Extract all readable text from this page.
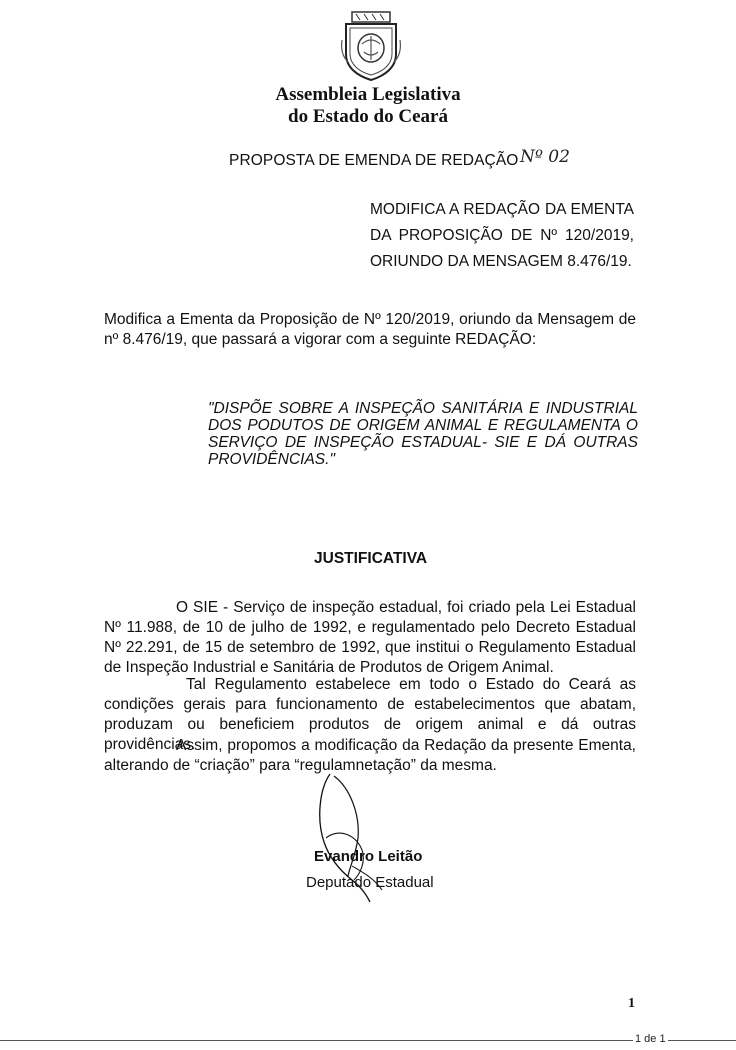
Assembleia Legislativa
do Estado do Ceará
PROPOSTA DE EMENDA DE REDAÇÃO Nº 02
MODIFICA A REDAÇÃO DA EMENTA
DA PROPOSIÇÃO DE Nº 120/2019,
ORIUNDO DA MENSAGEM 8.476/19.
Modifica a Ementa da Proposição de Nº 120/2019, oriundo da Mensagem de nº 8.476/19, que passará a vigorar com a seguinte REDAÇÃO:
"DISPÕE SOBRE A INSPEÇÃO SANITÁRIA E INDUSTRIAL DOS PODUTOS DE ORIGEM ANIMAL E REGULAMENTA O SERVIÇO DE INSPEÇÃO ESTADUAL- SIE E DÁ OUTRAS PROVIDÊNCIAS."
JUSTIFICATIVA
O SIE - Serviço de inspeção estadual, foi criado pela Lei Estadual Nº 11.988, de 10 de julho de 1992, e regulamentado pelo Decreto Estadual Nº 22.291, de 15 de setembro de 1992, que institui o Regulamento Estadual de Inspeção Industrial e Sanitária de Produtos de Origem Animal.
Tal Regulamento estabelece em todo o Estado do Ceará as condições gerais para funcionamento de estabelecimentos que abatam, produzam ou beneficiem produtos de origem animal e dá outras providências.
Assim, propomos a modificação da Redação da presente Ementa, alterando de “criação” para “regulamnetação” da mesma.
Evandro Leitão
Deputado Estadual
1
1 de 1
